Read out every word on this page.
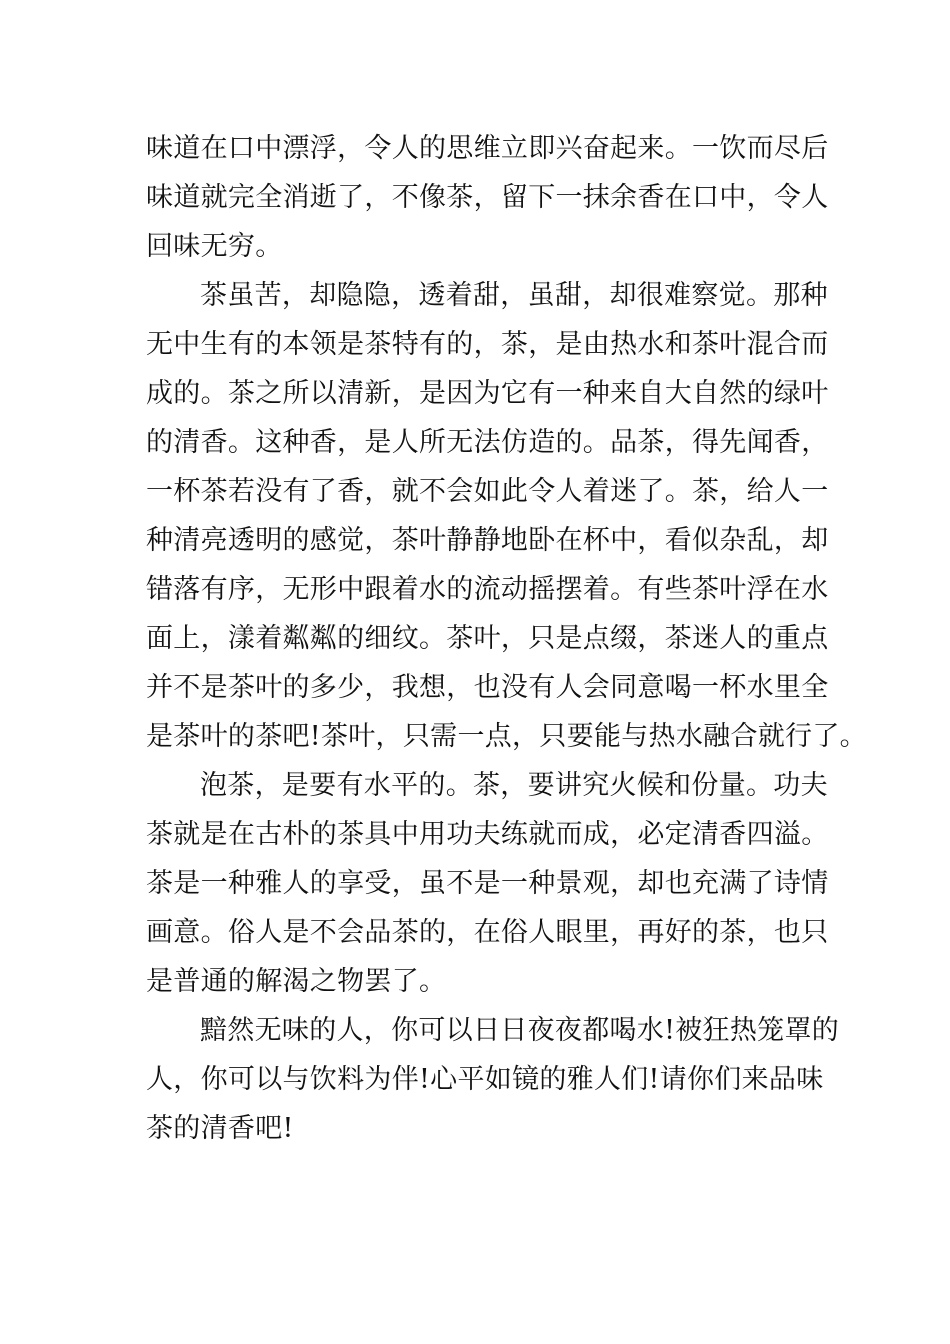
味道在口中漂浮，令人的思维立即兴奋起来。一饮而尽后
味道就完全消逝了，不像茶，留下一抹余香在口中，令人
回味无穷。
茶虽苦，却隐隐，透着甜，虽甜，却很难察觉。那种
无中生有的本领是茶特有的，茶，是由热水和茶叶混合而
成的。茶之所以清新，是因为它有一种来自大自然的绿叶
的清香。这种香，是人所无法仿造的。品茶，得先闻香，
一杯茶若没有了香，就不会如此令人着迷了。茶，给人一
种清亮透明的感觉，茶叶静静地卧在杯中，看似杂乱，却
错落有序，无形中跟着水的流动摇摆着。有些茶叶浮在水
面上，漾着粼粼的细纹。茶叶，只是点缀，茶迷人的重点
并不是茶叶的多少，我想，也没有人会同意喝一杯水里全
是茶叶的茶吧!茶叶，只需一点，只要能与热水融合就行了。
泡茶，是要有水平的。茶，要讲究火候和份量。功夫
茶就是在古朴的茶具中用功夫练就而成，必定清香四溢。
茶是一种雅人的享受，虽不是一种景观，却也充满了诗情
画意。俗人是不会品茶的，在俗人眼里，再好的茶，也只
是普通的解渴之物罢了。
黯然无味的人，你可以日日夜夜都喝水!被狂热笼罩的
人，你可以与饮料为伴!心平如镜的雅人们!请你们来品味
茶的清香吧!
